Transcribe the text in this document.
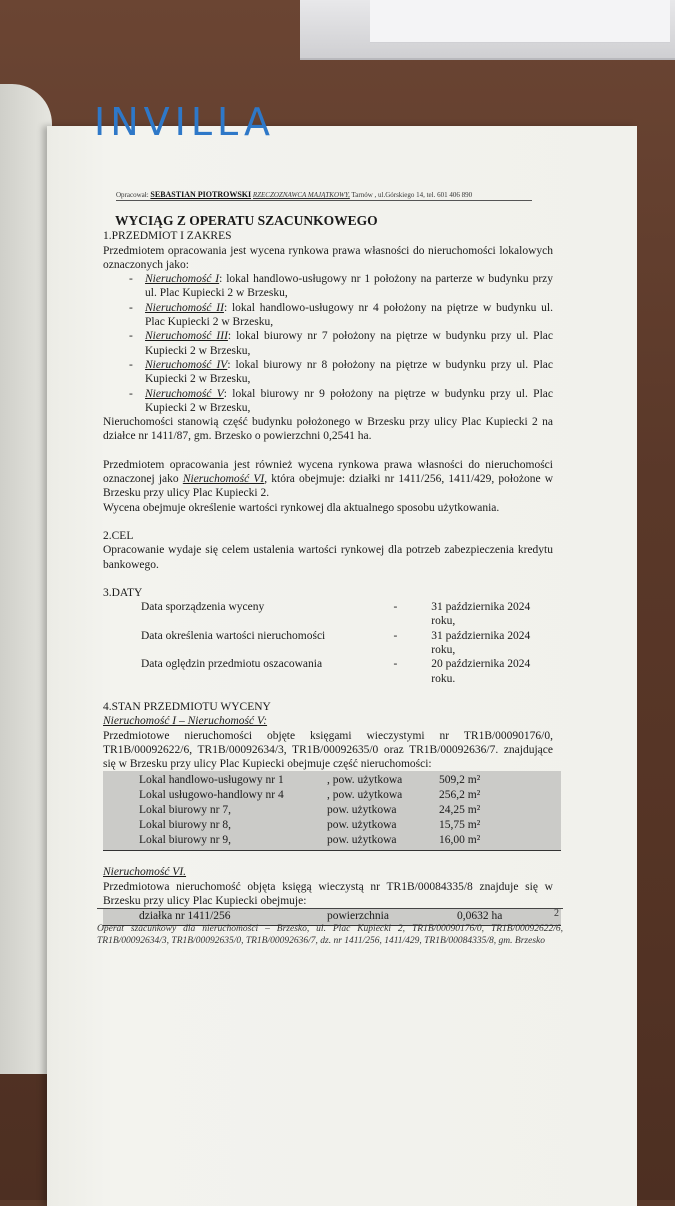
INVILLA
Opracował: SEBASTIAN PIOTROWSKI RZECZOZNAWCA MAJĄTKOWY, Tarnów , ul.Górskiego 14, tel. 601 406 890
WYCIĄG Z OPERATU SZACUNKOWEGO
1.PRZEDMIOT I ZAKRES
Przedmiotem opracowania jest wycena rynkowa prawa własności do nieruchomości lokalowych oznaczonych jako:
-	Nieruchomość I: lokal handlowo-usługowy nr 1 położony na parterze w budynku przy ul. Plac Kupiecki 2 w Brzesku,
-	Nieruchomość II: lokal handlowo-usługowy nr 4 położony na piętrze w budynku ul. Plac Kupiecki 2 w Brzesku,
-	Nieruchomość III: lokal biurowy nr 7 położony na piętrze w budynku przy ul. Plac Kupiecki 2 w Brzesku,
-	Nieruchomość IV: lokal biurowy nr 8 położony na piętrze w budynku przy ul. Plac Kupiecki 2 w Brzesku,
-	Nieruchomość V: lokal biurowy nr 9 położony na piętrze w budynku przy ul. Plac Kupiecki 2 w Brzesku,
Nieruchomości stanowią część budynku położonego w Brzesku przy ulicy Plac Kupiecki 2 na działce nr 1411/87, gm. Brzesko o powierzchni 0,2541 ha.
Przedmiotem opracowania jest również wycena rynkowa prawa własności do nieruchomości oznaczonej jako Nieruchomość VI, która obejmuje: działki nr 1411/256, 1411/429, położone w Brzesku przy ulicy Plac Kupiecki 2.
Wycena obejmuje określenie wartości rynkowej dla aktualnego sposobu użytkowania.
2.CEL
Opracowanie wydaje się celem ustalenia wartości rynkowej dla potrzeb zabezpieczenia kredytu bankowego.
3.DATY
Data sporządzenia wyceny	-	31 października 2024 roku,
Data określenia wartości nieruchomości	-	31 października 2024 roku,
Data oględzin przedmiotu oszacowania	-	20 października 2024 roku.
4.STAN PRZEDMIOTU WYCENY
Nieruchomość I – Nieruchomość V:
Przedmiotowe nieruchomości objęte księgami wieczystymi nr TR1B/00090176/0, TR1B/00092622/6, TR1B/00092634/3, TR1B/00092635/0 oraz TR1B/00092636/7. znajdujące się w Brzesku przy ulicy Plac Kupiecki obejmuje część nieruchomości:
Lokal handlowo-usługowy nr 1	, pow. użytkowa	509,2 m²
Lokal usługowo-handlowy nr 4	, pow. użytkowa	256,2 m²
Lokal biurowy nr 7,	pow. użytkowa	24,25 m²
Lokal biurowy nr 8,	pow. użytkowa	15,75 m²
Lokal biurowy nr 9,	pow. użytkowa	16,00 m²
Nieruchomość VI.
Przedmiotowa nieruchomość objęta księgą wieczystą nr TR1B/00084335/8 znajduje się w Brzesku przy ulicy Plac Kupiecki obejmuje:
działka nr 1411/256	powierzchnia	0,0632 ha	2
Operat szacunkowy dla nieruchomości – Brzesko, ul. Plac Kupiecki 2, TR1B/00090176/0, TR1B/00092622/6, TR1B/00092634/3, TR1B/00092635/0, TR1B/00092636/7, dz. nr 1411/256, 1411/429, TR1B/00084335/8, gm. Brzesko
